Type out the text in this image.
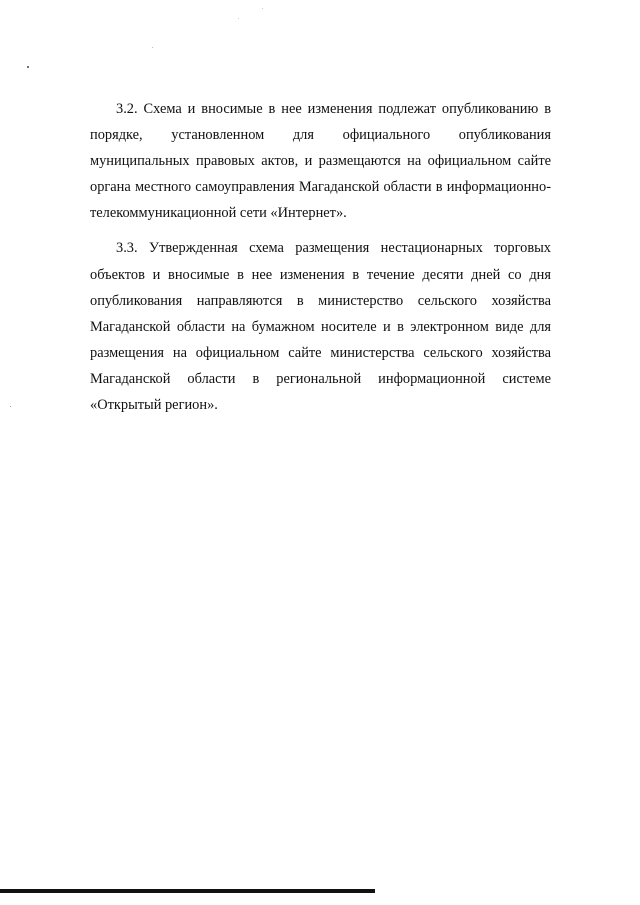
3.2. Схема и вносимые в нее изменения подлежат опубликованию в порядке, установленном для официального опубликования муниципальных правовых актов, и размещаются на официальном сайте органа местного самоуправления Магаданской области в информационно-телекоммуникационной сети «Интернет».

3.3. Утвержденная схема размещения нестационарных торговых объектов и вносимые в нее изменения в течение десяти дней со дня опубликования направляются в министерство сельского хозяйства Магаданской области на бумажном носителе и в электронном виде для размещения на официальном сайте министерства сельского хозяйства Магаданской области в региональной информационной системе «Открытый регион».
